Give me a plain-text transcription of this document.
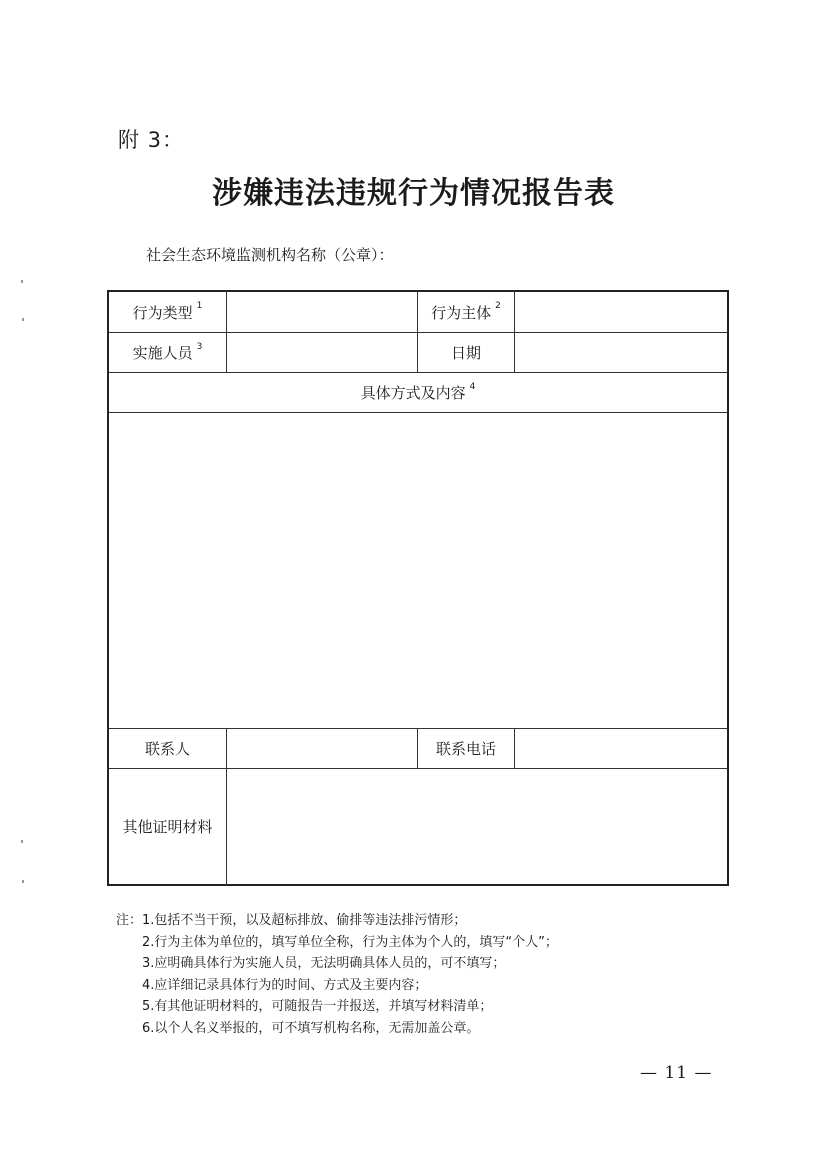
附 3：
涉嫌违法违规行为情况报告表
社会生态环境监测机构名称（公章）：
行为类型 $^1$	行为主体 $^2$
实施人员 $^3$	日期
具体方式及内容 $^4$
联系人	联系电话
其他证明材料
注： 1.包括不当干预，以及超标排放、偷排等违法排污情形；
2.行为主体为单位的，填写单位全称，行为主体为个人的，填写“个人”；
3.应明确具体行为实施人员，无法明确具体人员的，可不填写；
4.应详细记录具体行为的时间、方式及主要内容；
5.有其他证明材料的，可随报告一并报送，并填写材料清单；
6.以个人名义举报的，可不填写机构名称，无需加盖公章。
— 11 —
